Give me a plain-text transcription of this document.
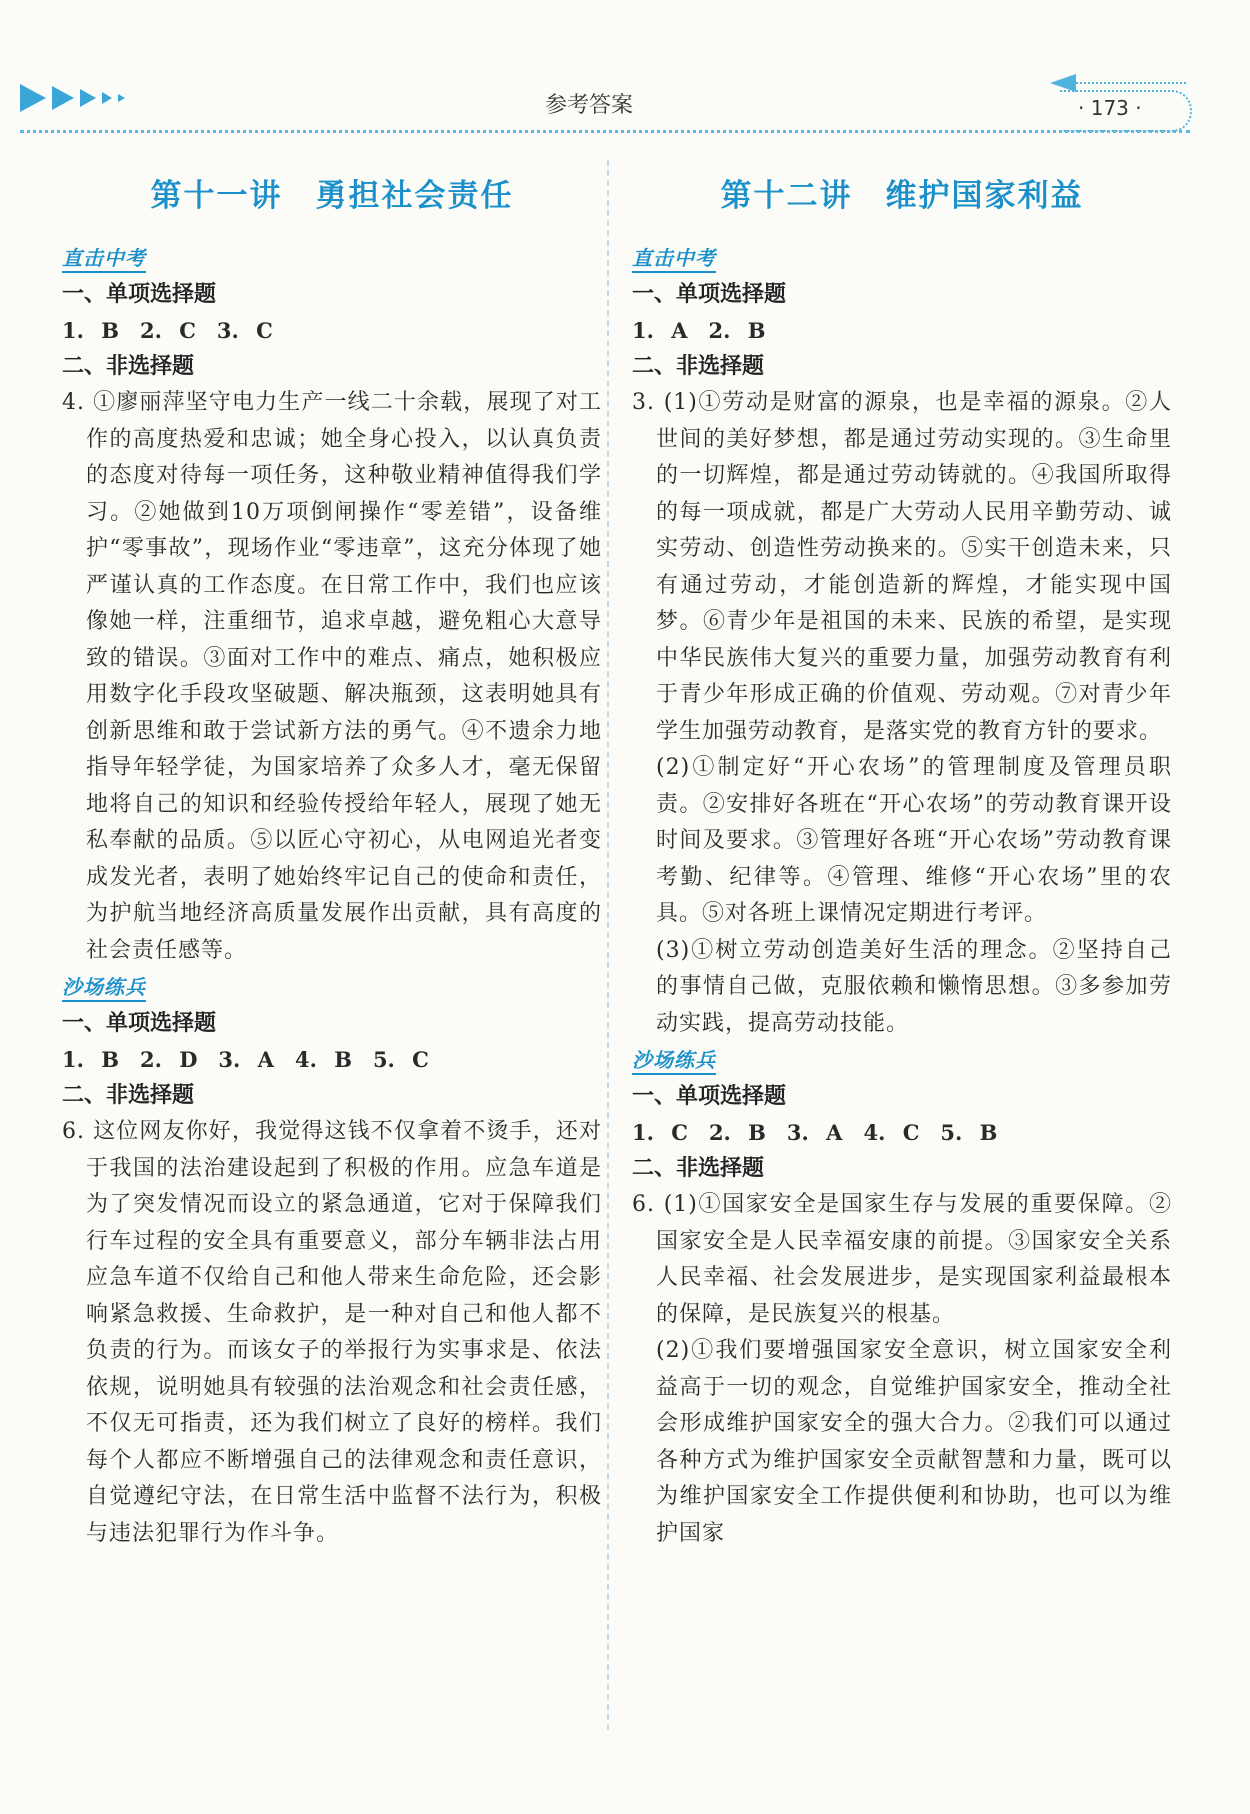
参考答案	· 173 ·
第十一讲　勇担社会责任
直击中考
一、单项选择题
1. B　2. C　3. C
二、非选择题

4. ①廖丽萍坚守电力生产一线二十余载，展现了对工作的高度热爱和忠诚；她全身心投入，以认真负责的态度对待每一项任务，这种敬业精神值得我们学习。②她做到10万项倒闸操作“零差错”，设备维护“零事故”，现场作业“零违章”，这充分体现了她严谨认真的工作态度。在日常工作中，我们也应该像她一样，注重细节，追求卓越，避免粗心大意导致的错误。③面对工作中的难点、痛点，她积极应用数字化手段攻坚破题、解决瓶颈，这表明她具有创新思维和敢于尝试新方法的勇气。④不遗余力地指导年轻学徒，为国家培养了众多人才，毫无保留地将自己的知识和经验传授给年轻人，展现了她无私奉献的品质。⑤以匠心守初心，从电网追光者变成发光者，表明了她始终牢记自己的使命和责任，为护航当地经济高质量发展作出贡献，具有高度的社会责任感等。

沙场练兵
一、单项选择题
1. B　2. D　3. A　4. B　5. C
二、非选择题

6. 这位网友你好，我觉得这钱不仅拿着不烫手，还对于我国的法治建设起到了积极的作用。应急车道是为了突发情况而设立的紧急通道，它对于保障我们行车过程的安全具有重要意义，部分车辆非法占用应急车道不仅给自己和他人带来生命危险，还会影响紧急救援、生命救护，是一种对自己和他人都不负责的行为。而该女子的举报行为实事求是、依法依规，说明她具有较强的法治观念和社会责任感，不仅无可指责，还为我们树立了良好的榜样。我们每个人都应不断增强自己的法律观念和责任意识，自觉遵纪守法，在日常生活中监督不法行为，积极与违法犯罪行为作斗争。

第十二讲　维护国家利益
直击中考
一、单项选择题
1. A　2. B
二、非选择题

3. (1)①劳动是财富的源泉，也是幸福的源泉。②人世间的美好梦想，都是通过劳动实现的。③生命里的一切辉煌，都是通过劳动铸就的。④我国所取得的每一项成就，都是广大劳动人民用辛勤劳动、诚实劳动、创造性劳动换来的。⑤实干创造未来，只有通过劳动，才能创造新的辉煌，才能实现中国梦。⑥青少年是祖国的未来、民族的希望，是实现中华民族伟大复兴的重要力量，加强劳动教育有利于青少年形成正确的价值观、劳动观。⑦对青少年学生加强劳动教育，是落实党的教育方针的要求。

(2)①制定好“开心农场”的管理制度及管理员职责。②安排好各班在“开心农场”的劳动教育课开设时间及要求。③管理好各班“开心农场”劳动教育课考勤、纪律等。④管理、维修“开心农场”里的农具。⑤对各班上课情况定期进行考评。

(3)①树立劳动创造美好生活的理念。②坚持自己的事情自己做，克服依赖和懒惰思想。③多参加劳动实践，提高劳动技能。

沙场练兵
一、单项选择题
1. C　2. B　3. A　4. C　5. B
二、非选择题

6. (1)①国家安全是国家生存与发展的重要保障。②国家安全是人民幸福安康的前提。③国家安全关系人民幸福、社会发展进步，是实现国家利益最根本的保障，是民族复兴的根基。

(2)①我们要增强国家安全意识，树立国家安全利益高于一切的观念，自觉维护国家安全，推动全社会形成维护国家安全的强大合力。②我们可以通过各种方式为维护国家安全贡献智慧和力量，既可以为维护国家安全工作提供便利和协助，也可以为维护国家
